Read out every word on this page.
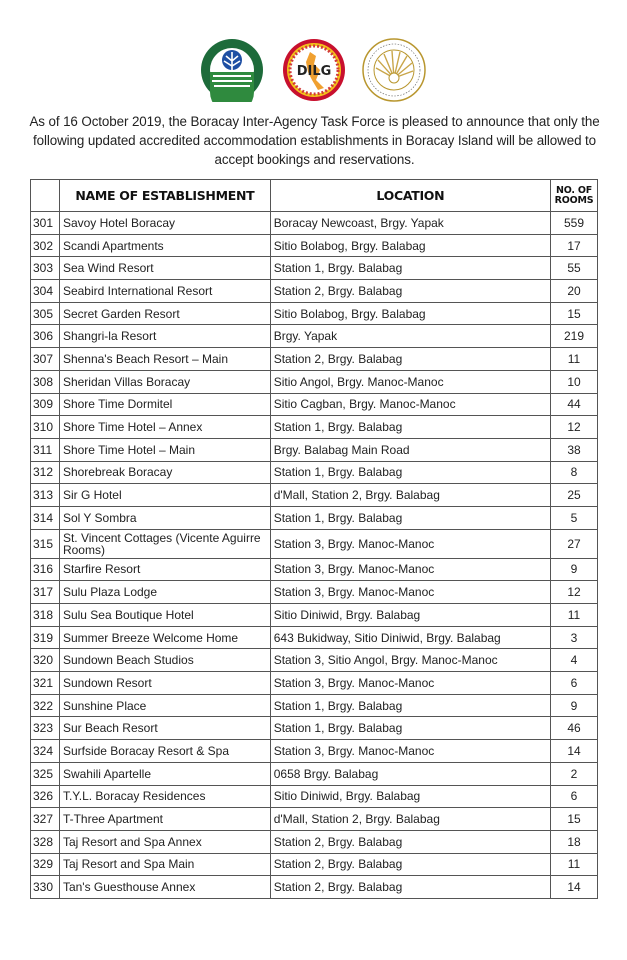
DILG
As of 16 October 2019, the Boracay Inter-Agency Task Force is pleased to announce that only the following updated accredited accommodation establishments in Boracay Island will be allowed to accept bookings and reservations.
	NAME OF ESTABLISHMENT	LOCATION	NO. OF
ROOMS
301	Savoy Hotel Boracay	Boracay Newcoast, Brgy. Yapak	559
302	Scandi Apartments	Sitio Bolabog, Brgy. Balabag	17
303	Sea Wind Resort	Station 1, Brgy. Balabag	55
304	Seabird International Resort	Station 2, Brgy. Balabag	20
305	Secret Garden Resort	Sitio Bolabog, Brgy. Balabag	15
306	Shangri-la Resort	Brgy. Yapak	219
307	Shenna's Beach Resort – Main	Station 2, Brgy. Balabag	11
308	Sheridan Villas Boracay	Sitio Angol, Brgy. Manoc-Manoc	10
309	Shore Time Dormitel	Sitio Cagban, Brgy. Manoc-Manoc	44
310	Shore Time Hotel – Annex	Station 1, Brgy. Balabag	12
311	Shore Time Hotel – Main	Brgy. Balabag Main Road	38
312	Shorebreak Boracay	Station 1, Brgy. Balabag	8
313	Sir G Hotel	d'Mall, Station 2, Brgy. Balabag	25
314	Sol Y Sombra	Station 1, Brgy. Balabag	5
315	St. Vincent Cottages (Vicente Aguirre Rooms)	Station 3, Brgy. Manoc-Manoc	27
316	Starfire Resort	Station 3, Brgy. Manoc-Manoc	9
317	Sulu Plaza Lodge	Station 3, Brgy. Manoc-Manoc	12
318	Sulu Sea Boutique Hotel	Sitio Diniwid, Brgy. Balabag	11
319	Summer Breeze Welcome Home	643 Bukidway, Sitio Diniwid, Brgy. Balabag	3
320	Sundown Beach Studios	Station 3, Sitio Angol, Brgy. Manoc-Manoc	4
321	Sundown Resort	Station 3, Brgy. Manoc-Manoc	6
322	Sunshine Place	Station 1, Brgy. Balabag	9
323	Sur Beach Resort	Station 1, Brgy. Balabag	46
324	Surfside Boracay Resort & Spa	Station 3, Brgy. Manoc-Manoc	14
325	Swahili Apartelle	0658 Brgy. Balabag	2
326	T.Y.L. Boracay Residences	Sitio Diniwid, Brgy. Balabag	6
327	T-Three Apartment	d'Mall, Station 2, Brgy. Balabag	15
328	Taj Resort and Spa Annex	Station 2, Brgy. Balabag	18
329	Taj Resort and Spa Main	Station 2, Brgy. Balabag	11
330	Tan's Guesthouse Annex	Station 2, Brgy. Balabag	14
